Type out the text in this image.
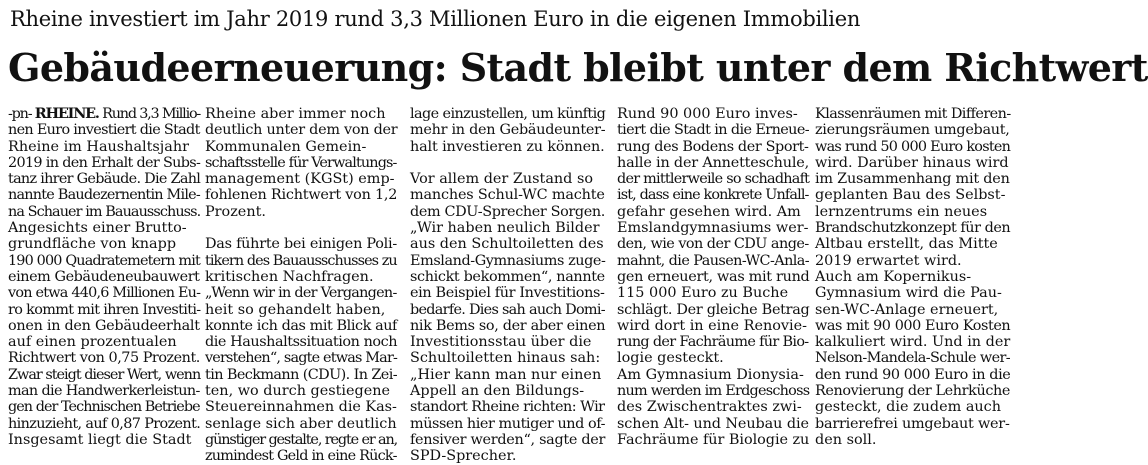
Rheine investiert im Jahr 2019 rund 3,3 Millionen Euro in die eigenen Immobilien
Gebäudeerneuerung: Stadt bleibt unter dem Richtwert
-pn- RHEINE. Rund 3,3 Millio-
nen Euro investiert die Stadt
Rheine im Haushaltsjahr
2019 in den Erhalt der Subs-
tanz ihrer Gebäude. Die Zahl
nannte Baudezernentin Mile-
na Schauer im Bauausschuss.
Angesichts einer Brutto-
grundfläche von knapp
190 000 Quadratemetern mit
einem Gebäudeneubauwert
von etwa 440,6 Millionen Eu-
ro kommt mit ihren Investiti-
onen in den Gebäudeerhalt
auf einen prozentualen
Richtwert von 0,75 Prozent.
Zwar steigt dieser Wert, wenn
man die Handwerkerleistun-
gen der Technischen Betriebe
hinzuzieht, auf 0,87 Prozent.
Insgesamt liegt die Stadt
Rheine aber immer noch
deutlich unter dem von der
Kommunalen Gemein-
schaftsstelle für Verwaltungs-
management (KGSt) emp-
fohlenen Richtwert von 1,2
Prozent.
Das führte bei einigen Poli-
tikern des Bauausschusses zu
kritischen Nachfragen.
„Wenn wir in der Vergangen-
heit so gehandelt haben,
konnte ich das mit Blick auf
die Haushaltssituation noch
verstehen“, sagte etwas Mar-
tin Beckmann (CDU). In Zei-
ten, wo durch gestiegene
Steuereinnahmen die Kas-
senlage sich aber deutlich
günstiger gestalte, regte er an,
zumindest Geld in eine Rück-
lage einzustellen, um künftig
mehr in den Gebäudeunter-
halt investieren zu können.
Vor allem der Zustand so
manches Schul-WC machte
dem CDU-Sprecher Sorgen.
„Wir haben neulich Bilder
aus den Schultoiletten des
Emsland-Gymnasiums zuge-
schickt bekommen“, nannte
ein Beispiel für Investitions-
bedarfe. Dies sah auch Domi-
nik Bems so, der aber einen
Investitionsstau über die
Schultoiletten hinaus sah:
„Hier kann man nur einen
Appell an den Bildungs-
standort Rheine richten: Wir
müssen hier mutiger und of-
fensiver werden“, sagte der
SPD-Sprecher.
Rund 90 000 Euro inves-
tiert die Stadt in die Erneue-
rung des Bodens der Sport-
halle in der Annetteschule,
der mittlerweile so schadhaft
ist, dass eine konkrete Unfall-
gefahr gesehen wird. Am
Emslandgymnasiums wer-
den, wie von der CDU ange-
mahnt, die Pausen-WC-Anla-
gen erneuert, was mit rund
115 000 Euro zu Buche
schlägt. Der gleiche Betrag
wird dort in eine Renovie-
rung der Fachräume für Bio-
logie gesteckt.
Am Gymnasium Dionysia-
num werden im Erdgeschoss
des Zwischentraktes zwi-
schen Alt- und Neubau die
Fachräume für Biologie zu
Klassenräumen mit Differen-
zierungsräumen umgebaut,
was rund 50 000 Euro kosten
wird. Darüber hinaus wird
im Zusammenhang mit den
geplanten Bau des Selbst-
lernzentrums ein neues
Brandschutzkonzept für den
Altbau erstellt, das Mitte
2019 erwartet wird.
Auch am Kopernikus-
Gymnasium wird die Pau-
sen-WC-Anlage erneuert,
was mit 90 000 Euro Kosten
kalkuliert wird. Und in der
Nelson-Mandela-Schule wer-
den rund 90 000 Euro in die
Renovierung der Lehrküche
gesteckt, die zudem auch
barrierefrei umgebaut wer-
den soll.
